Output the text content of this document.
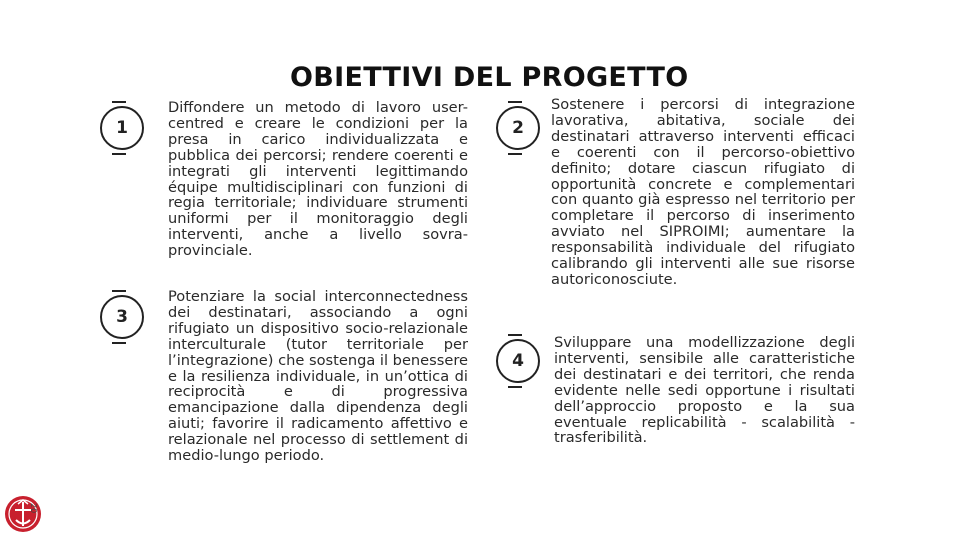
OBIETTIVI DEL PROGETTO
1
Diffondere un metodo di lavoro user-centred e creare le condizioni per la presa in carico individualizzata e pubblica dei percorsi; rendere coerenti e integrati gli interventi legittimando équipe multidisciplinari con funzioni di regia territoriale; individuare strumenti uniformi per il monitoraggio degli interventi, anche a livello sovra-provinciale.
2
Sostenere i percorsi di integrazione lavorativa, abitativa, sociale dei destinatari attraverso interventi efficaci e coerenti con il percorso-obiettivo definito; dotare ciascun rifugiato di opportunità concrete e complementari con quanto già espresso nel territorio per completare il percorso di inserimento avviato nel SIPROIMI; aumentare la responsabilità individuale del rifugiato calibrando gli interventi alle sue risorse autoriconosciute.
3
Potenziare la social interconnectedness dei destinatari, associando a ogni rifugiato un dispositivo socio-relazionale interculturale (tutor territoriale per l’integrazione) che sostenga il benessere e la resilienza individuale, in un’ottica di reciprocità e di progressiva emancipazione dalla dipendenza degli aiuti; favorire il radicamento affettivo e relazionale nel processo di settlement di medio-lungo periodo.
4
Sviluppare una modellizzazione degli interventi, sensibile alle caratteristiche dei destinatari e dei territori, che renda evidente nelle sedi opportune i risultati dell’approccio proposto e la sua eventuale replicabilità - scalabilità - trasferibilità.
20
